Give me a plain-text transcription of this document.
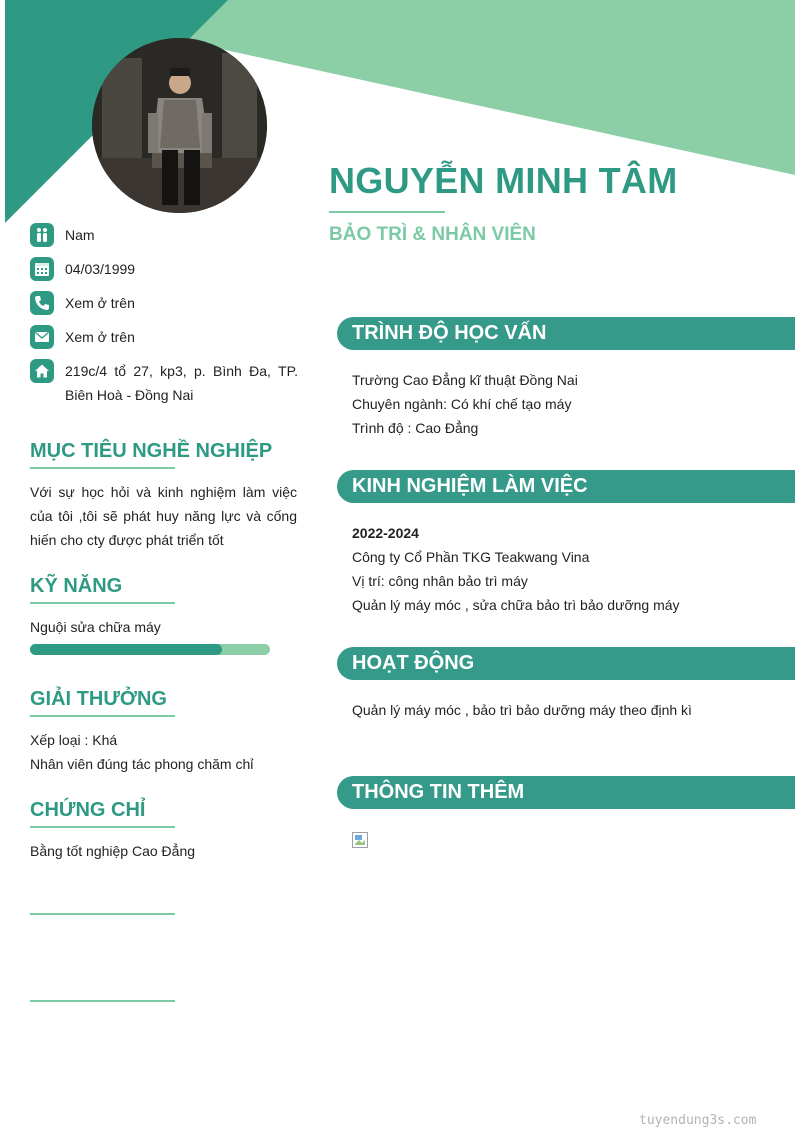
NGUYỄN MINH TÂM
BẢO TRÌ & NHÂN VIÊN
Nam
04/03/1999
Xem ở trên
Xem ở trên
219c/4 tổ 27, kp3, p. Bình Đa, TP. Biên Hoà - Đồng Nai
MỤC TIÊU NGHỀ NGHIỆP
Với sự học hỏi và kinh nghiệm làm việc của tôi ,tôi sẽ phát huy năng lực và cống hiến cho cty được phát triển tốt
KỸ NĂNG
Nguội sửa chữa máy
GIẢI THƯỞNG
Xếp loại : Khá
Nhân viên đúng tác phong chăm chỉ
CHỨNG CHỈ
Bằng tốt nghiệp Cao Đẳng
TRÌNH ĐỘ HỌC VẤN
Trường Cao Đẳng kĩ thuật Đồng Nai
Chuyên ngành: Có khí chế tạo máy
Trình độ : Cao Đẳng
KINH NGHIỆM LÀM VIỆC
2022-2024
Công ty Cổ Phần TKG Teakwang Vina
Vị trí: công nhân bảo trì máy
Quản lý máy móc , sửa chữa bảo trì bảo dưỡng máy
HOẠT ĐỘNG
Quản lý máy móc , bảo trì bảo dưỡng máy theo định kì
THÔNG TIN THÊM
tuyendung3s.com
